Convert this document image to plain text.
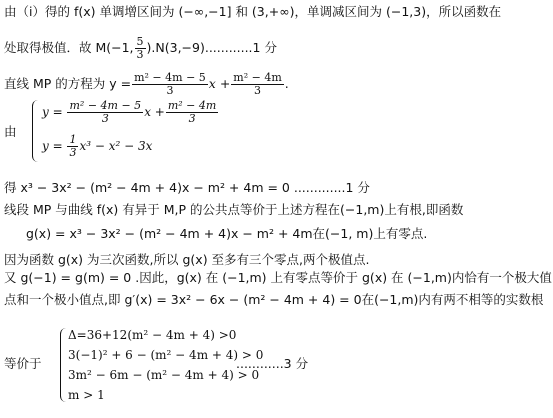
由（ⅰ）得的 f(x) 单调增区间为 (−∞,−1] 和 (3,+∞)，单调减区间为 (−1,3)，所以函数在
处取得极值．故 M(−1, $\frac{5}{3} ).N(3,-9)............1$ 分
直线 MP 的方程为 $y = \frac{\text{m² − 4m − 5}}{3}$ $x + \frac{\text{m² − 4m}}{3}$ .
由
$y = \frac{\text{m² − 4m − 5}}{3}$ $x + \frac{\text{m² − 4m}}{3}$
$y = \frac{1}{3} x^3 - x^2 - 3x$
得 x³ − 3x² − (m² − 4m + 4)x − m² + 4m = 0 .............1 分
线段 MP 与曲线 f(x) 有异于 M,P 的公共点等价于上述方程在(−1,m)上有根,即函数
g(x) = x³ − 3x² − (m² − 4m + 4)x − m² + 4m在(−1, m)上有零点.
因为函数 g(x) 为三次函数,所以 g(x) 至多有三个零点,两个极值点.
又 g(−1) = g(m) = 0 .因此，g(x) 在 (−1,m) 上有零点等价于 g(x) 在 (−1,m)内恰有一个极大值
点和一个极小值点,即 g′(x) = 3x² − 6x − (m² − 4m + 4) = 0在(−1,m)内有两不相等的实数根
等价于
Δ=36+12(m² − 4m + 4) >0
3(−1)² + 6 − (m² − 4m + 4) > 0
3m² − 6m − (m² − 4m + 4) > 0
m > 1
............3 分
